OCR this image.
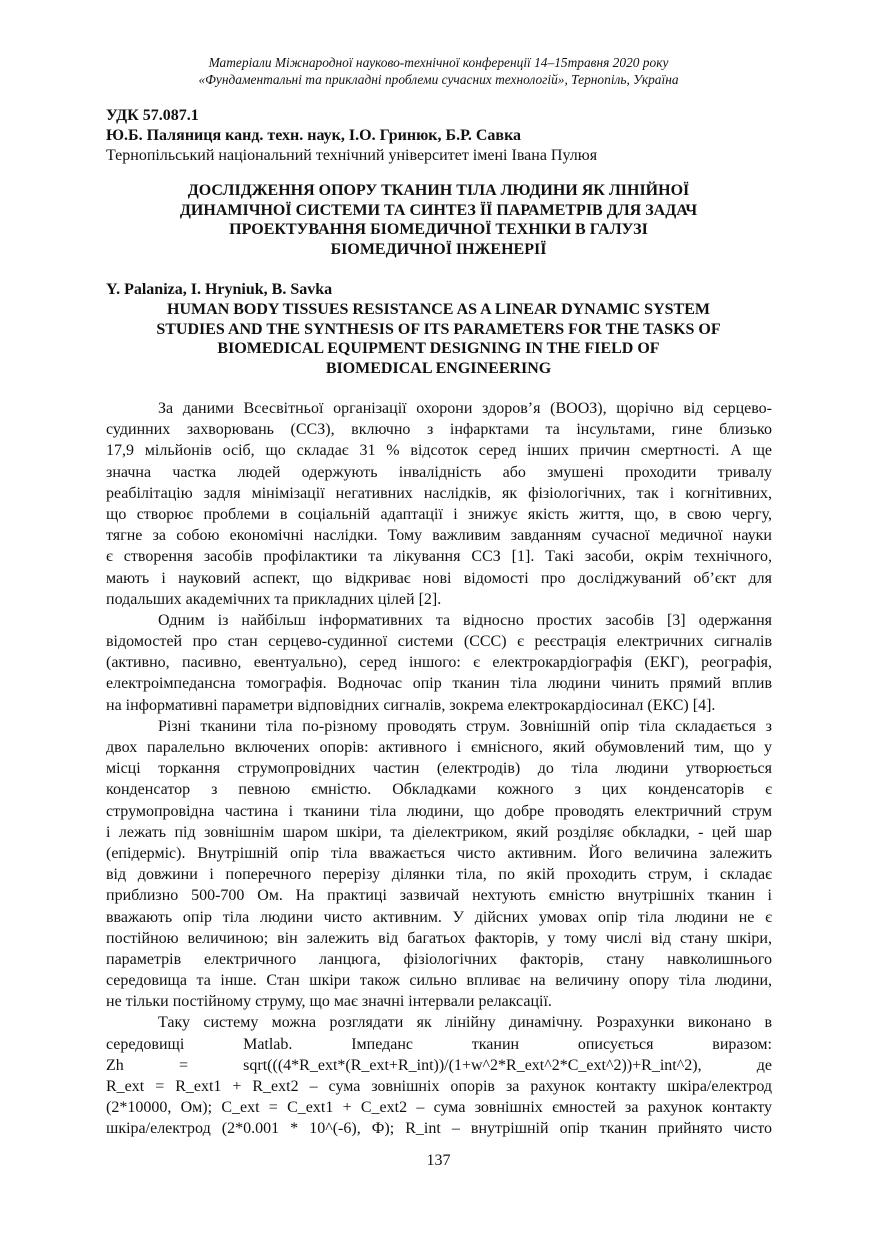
Матеріали Міжнародної науково-технічної конференції 14–15травня 2020 року
«Фундаментальні та прикладні проблеми сучасних технологій», Тернопіль, Україна
УДК 57.087.1
Ю.Б. Паляниця канд. техн. наук, І.О. Гринюк, Б.Р. Савка
Тернопільський національний технічний університет імені Івана Пулюя
ДОСЛІДЖЕННЯ ОПОРУ ТКАНИН ТІЛА ЛЮДИНИ ЯК ЛІНІЙНОЇ
ДИНАМІЧНОЇ СИСТЕМИ ТА СИНТЕЗ ЇЇ ПАРАМЕТРІВ ДЛЯ ЗАДАЧ
ПРОЕКТУВАННЯ БІОМЕДИЧНОЇ ТЕХНІКИ В ГАЛУЗІ
БІОМЕДИЧНОЇ ІНЖЕНЕРІЇ
Y. Palaniza, I. Hryniuk, B. Savka
HUMAN BODY TISSUES RESISTANCE AS A LINEAR DYNAMIC SYSTEM
STUDIES AND THE SYNTHESIS OF ITS PARAMETERS FOR THE TASKS OF
BIOMEDICAL EQUIPMENT DESIGNING IN THE FIELD OF
BIOMEDICAL ENGINEERING
За даними Всесвітньої організації охорони здоров’я (ВООЗ), щорічно від серцево-
судинних захворювань (ССЗ), включно з інфарктами та інсультами, гине близько
17,9 мільйонів осіб, що складає 31 % відсоток серед інших причин смертності. А ще
значна частка людей одержують інвалідність або змушені проходити тривалу
реабілітацію задля мінімізації негативних наслідків, як фізіологічних, так і когнітивних,
що створює проблеми в соціальній адаптації і знижує якість життя, що, в свою чергу,
тягне за собою економічні наслідки. Тому важливим завданням сучасної медичної науки
є створення засобів профілактики та лікування ССЗ [1]. Такі засоби, окрім технічного,
мають і науковий аспект, що відкриває нові відомості про досліджуваний об’єкт для
подальших академічних та прикладних цілей [2].
Одним із найбільш інформативних та відносно простих засобів [3] одержання
відомостей про стан серцево-судинної системи (ССС) є реєстрація електричних сигналів
(активно, пасивно, евентуально), серед іншого: є електрокардіографія (ЕКГ), реографія,
електроімпедансна томографія. Водночас опір тканин тіла людини чинить прямий вплив
на інформативні параметри відповідних сигналів, зокрема електрокардіосинал (ЕКС) [4].
Різні тканини тіла по-різному проводять струм. Зовнішній опір тіла складається з
двох паралельно включених опорів: активного і ємнісного, який обумовлений тим, що у
місці торкання струмопровідних частин (електродів) до тіла людини утворюється
конденсатор з певною ємністю. Обкладками кожного з цих конденсаторів є
струмопровідна частина і тканини тіла людини, що добре проводять електричний струм
і лежать під зовнішнім шаром шкіри, та діелектриком, який розділяє обкладки, - цей шар
(епідерміс). Внутрішній опір тіла вважається чисто активним. Його величина залежить
від довжини і поперечного перерізу ділянки тіла, по якій проходить струм, і складає
приблизно 500-700 Ом. На практиці зазвичай нехтують ємністю внутрішніх тканин і
вважають опір тіла людини чисто активним. У дійсних умовах опір тіла людини не є
постійною величиною; він залежить від багатьох факторів, у тому числі від стану шкіри,
параметрів електричного ланцюга, фізіологічних факторів, стану навколишнього
середовища та інше. Стан шкіри також сильно впливає на величину опору тіла людини,
не тільки постійному струму, що має значні інтервали релаксації.
Таку систему можна розглядати як лінійну динамічну. Розрахунки виконано в
середовищі Matlab. Імпеданс тканин описується виразом:
Zh = sqrt(((4*R_ext*(R_ext+R_int))/(1+w^2*R_ext^2*C_ext^2))+R_int^2), де
R_ext = R_ext1 + R_ext2 – сума зовнішніх опорів за рахунок контакту шкіра/електрод
(2*10000, Ом); C_ext = C_ext1 + C_ext2 – сума зовнішніх ємностей за рахунок контакту
шкіра/електрод (2*0.001 * 10^(-6), Ф); R_int – внутрішній опір тканин прийнято чисто
137
